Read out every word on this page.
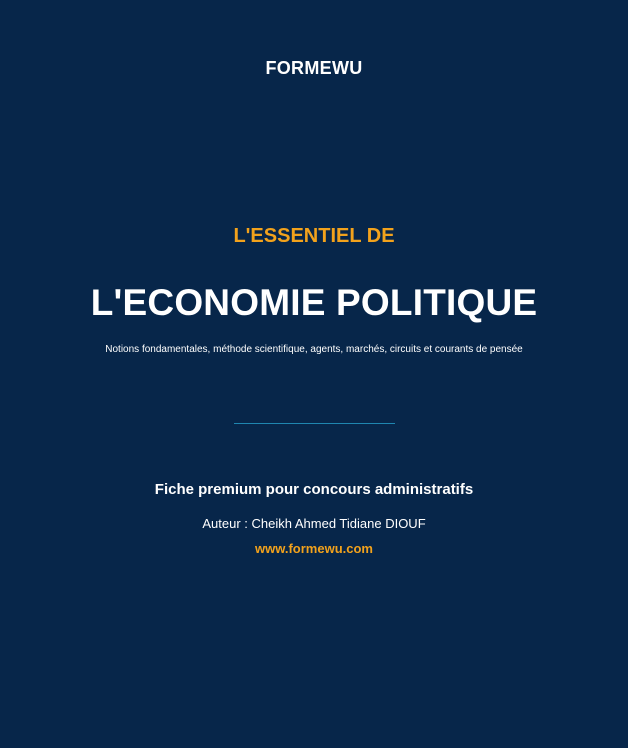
FORMEWU
L'ESSENTIEL DE
L'ECONOMIE POLITIQUE
Notions fondamentales, méthode scientifique, agents, marchés, circuits et courants de pensée
Fiche premium pour concours administratifs
Auteur : Cheikh Ahmed Tidiane DIOUF
www.formewu.com
